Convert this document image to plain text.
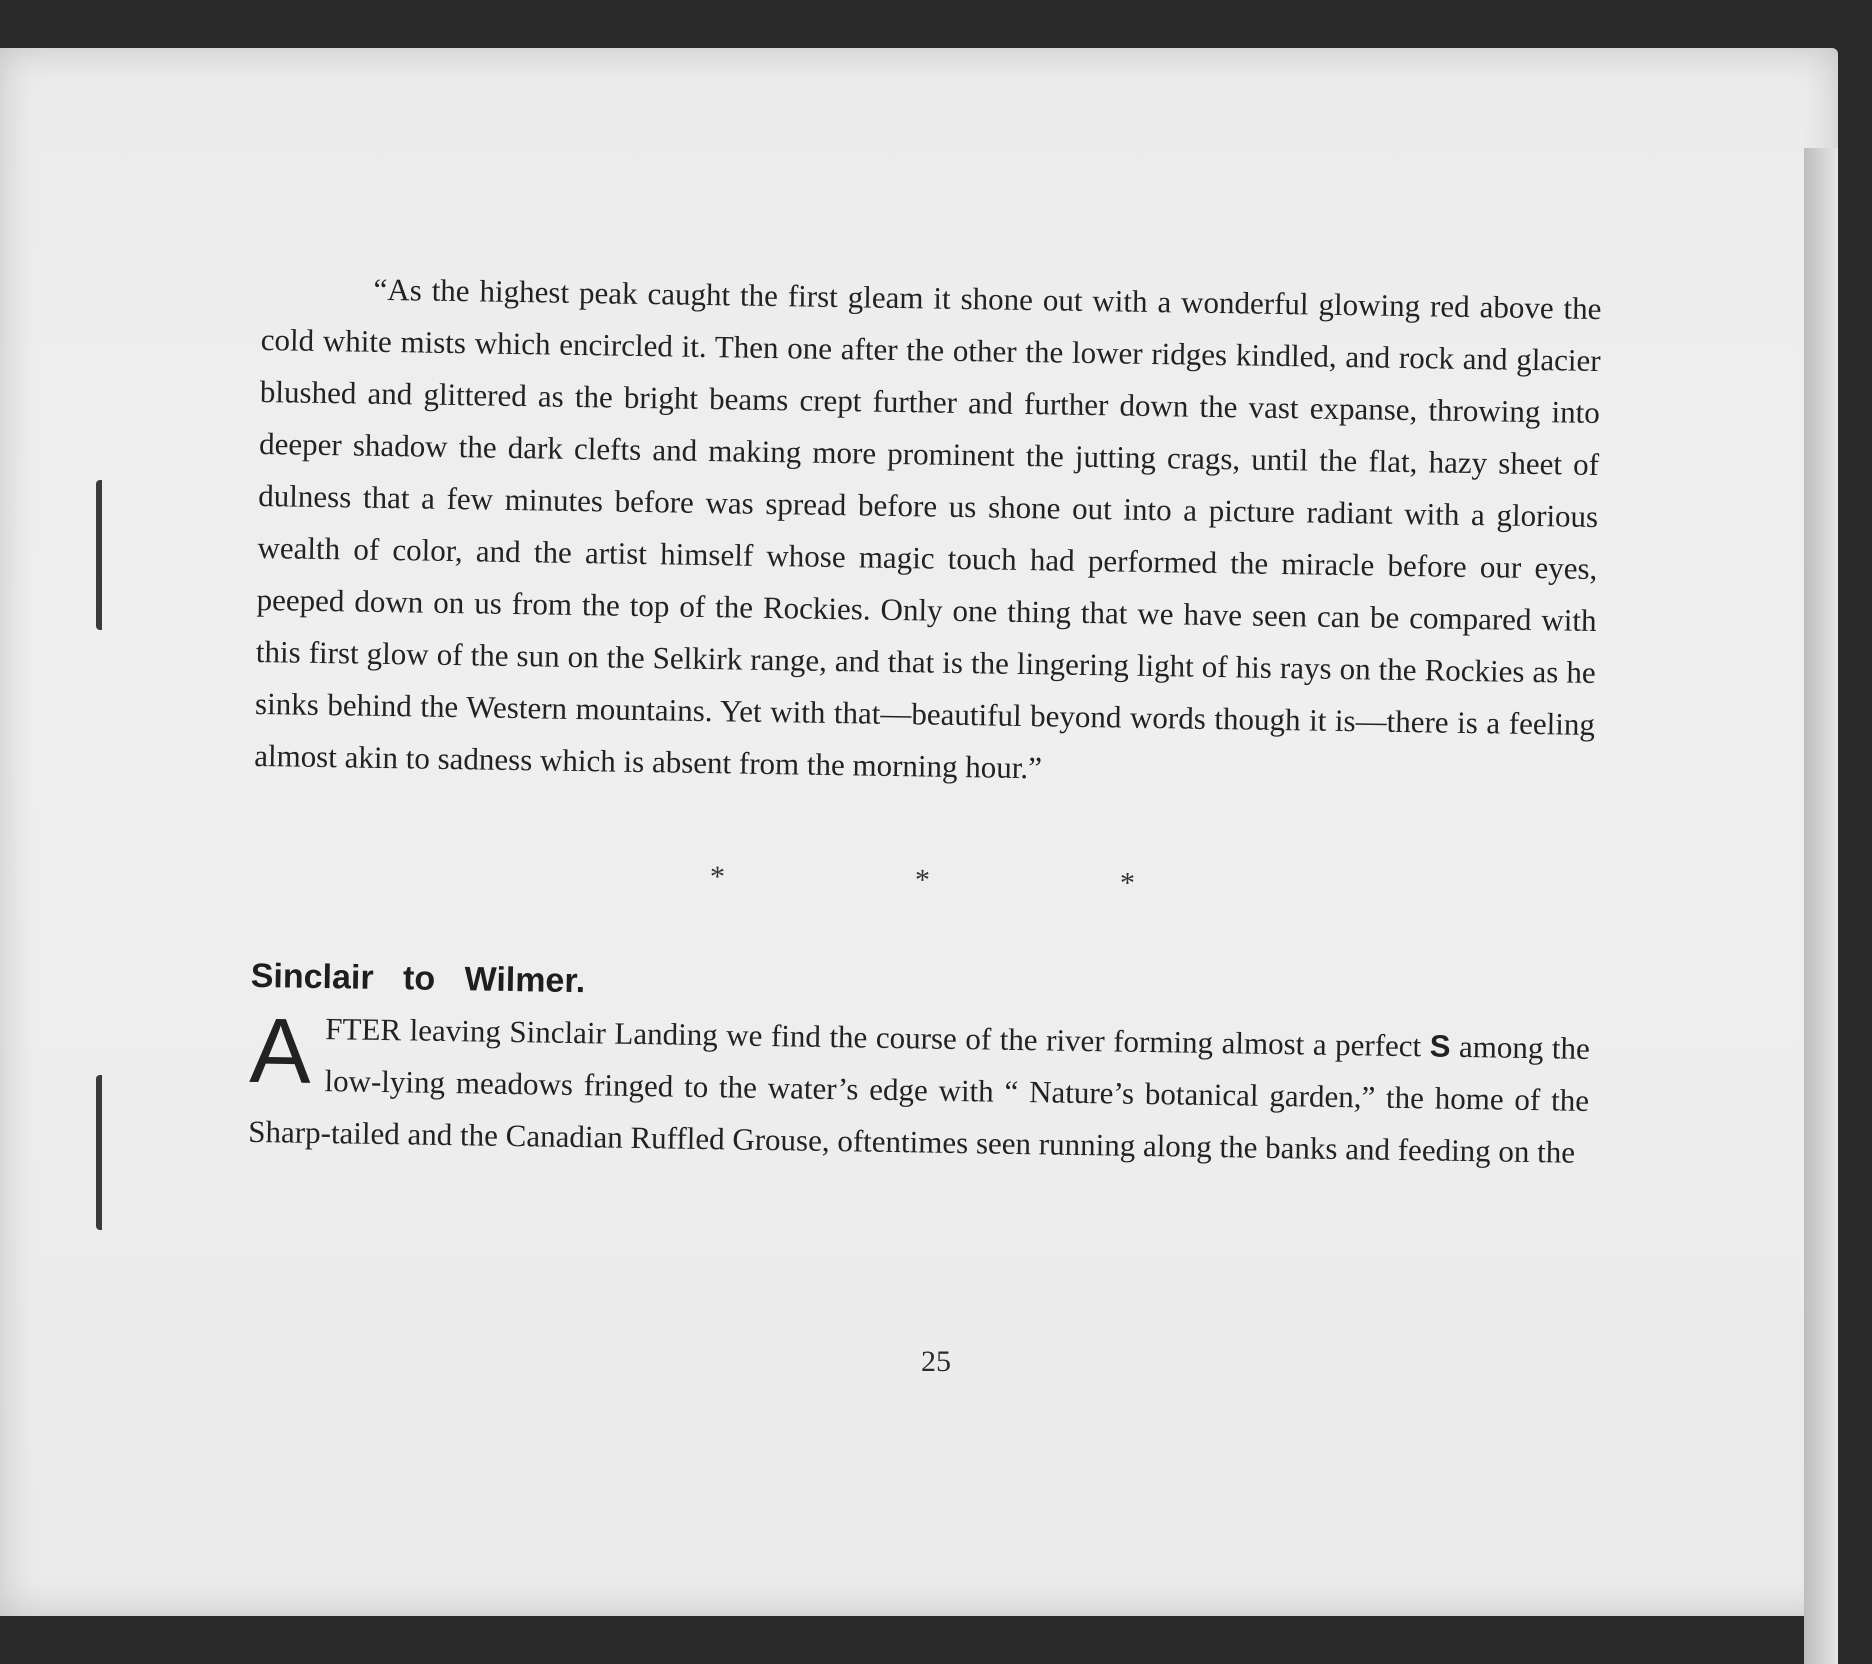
“As the highest peak caught the first gleam it shone out with a wonderful glowing red above the cold white mists which encircled it. Then one after the other the lower ridges kindled, and rock and glacier blushed and glittered as the bright beams crept further and further down the vast expanse, throwing into deeper shadow the dark clefts and making more prominent the jutting crags, until the flat, hazy sheet of dulness that a few minutes before was spread before us shone out into a picture radiant with a glorious wealth of color, and the artist himself whose magic touch had performed the miracle before our eyes, peeped down on us from the top of the Rockies. Only one thing that we have seen can be compared with this first glow of the sun on the Selkirk range, and that is the lingering light of his rays on the Rockies as he sinks behind the Western mountains. Yet with that—beautiful beyond words though it is—there is a feeling almost akin to sadness which is absent from the morning hour.”

*	*	*
Sinclair to Wilmer.

AFTER leaving Sinclair Landing we find the course of the river forming almost a perfect S among the low-lying meadows fringed to the water’s edge with “ Nature’s botanical garden,” the home of the Sharp-tailed and the Canadian Ruffled Grouse, oftentimes seen running along the banks and feeding on the

25
